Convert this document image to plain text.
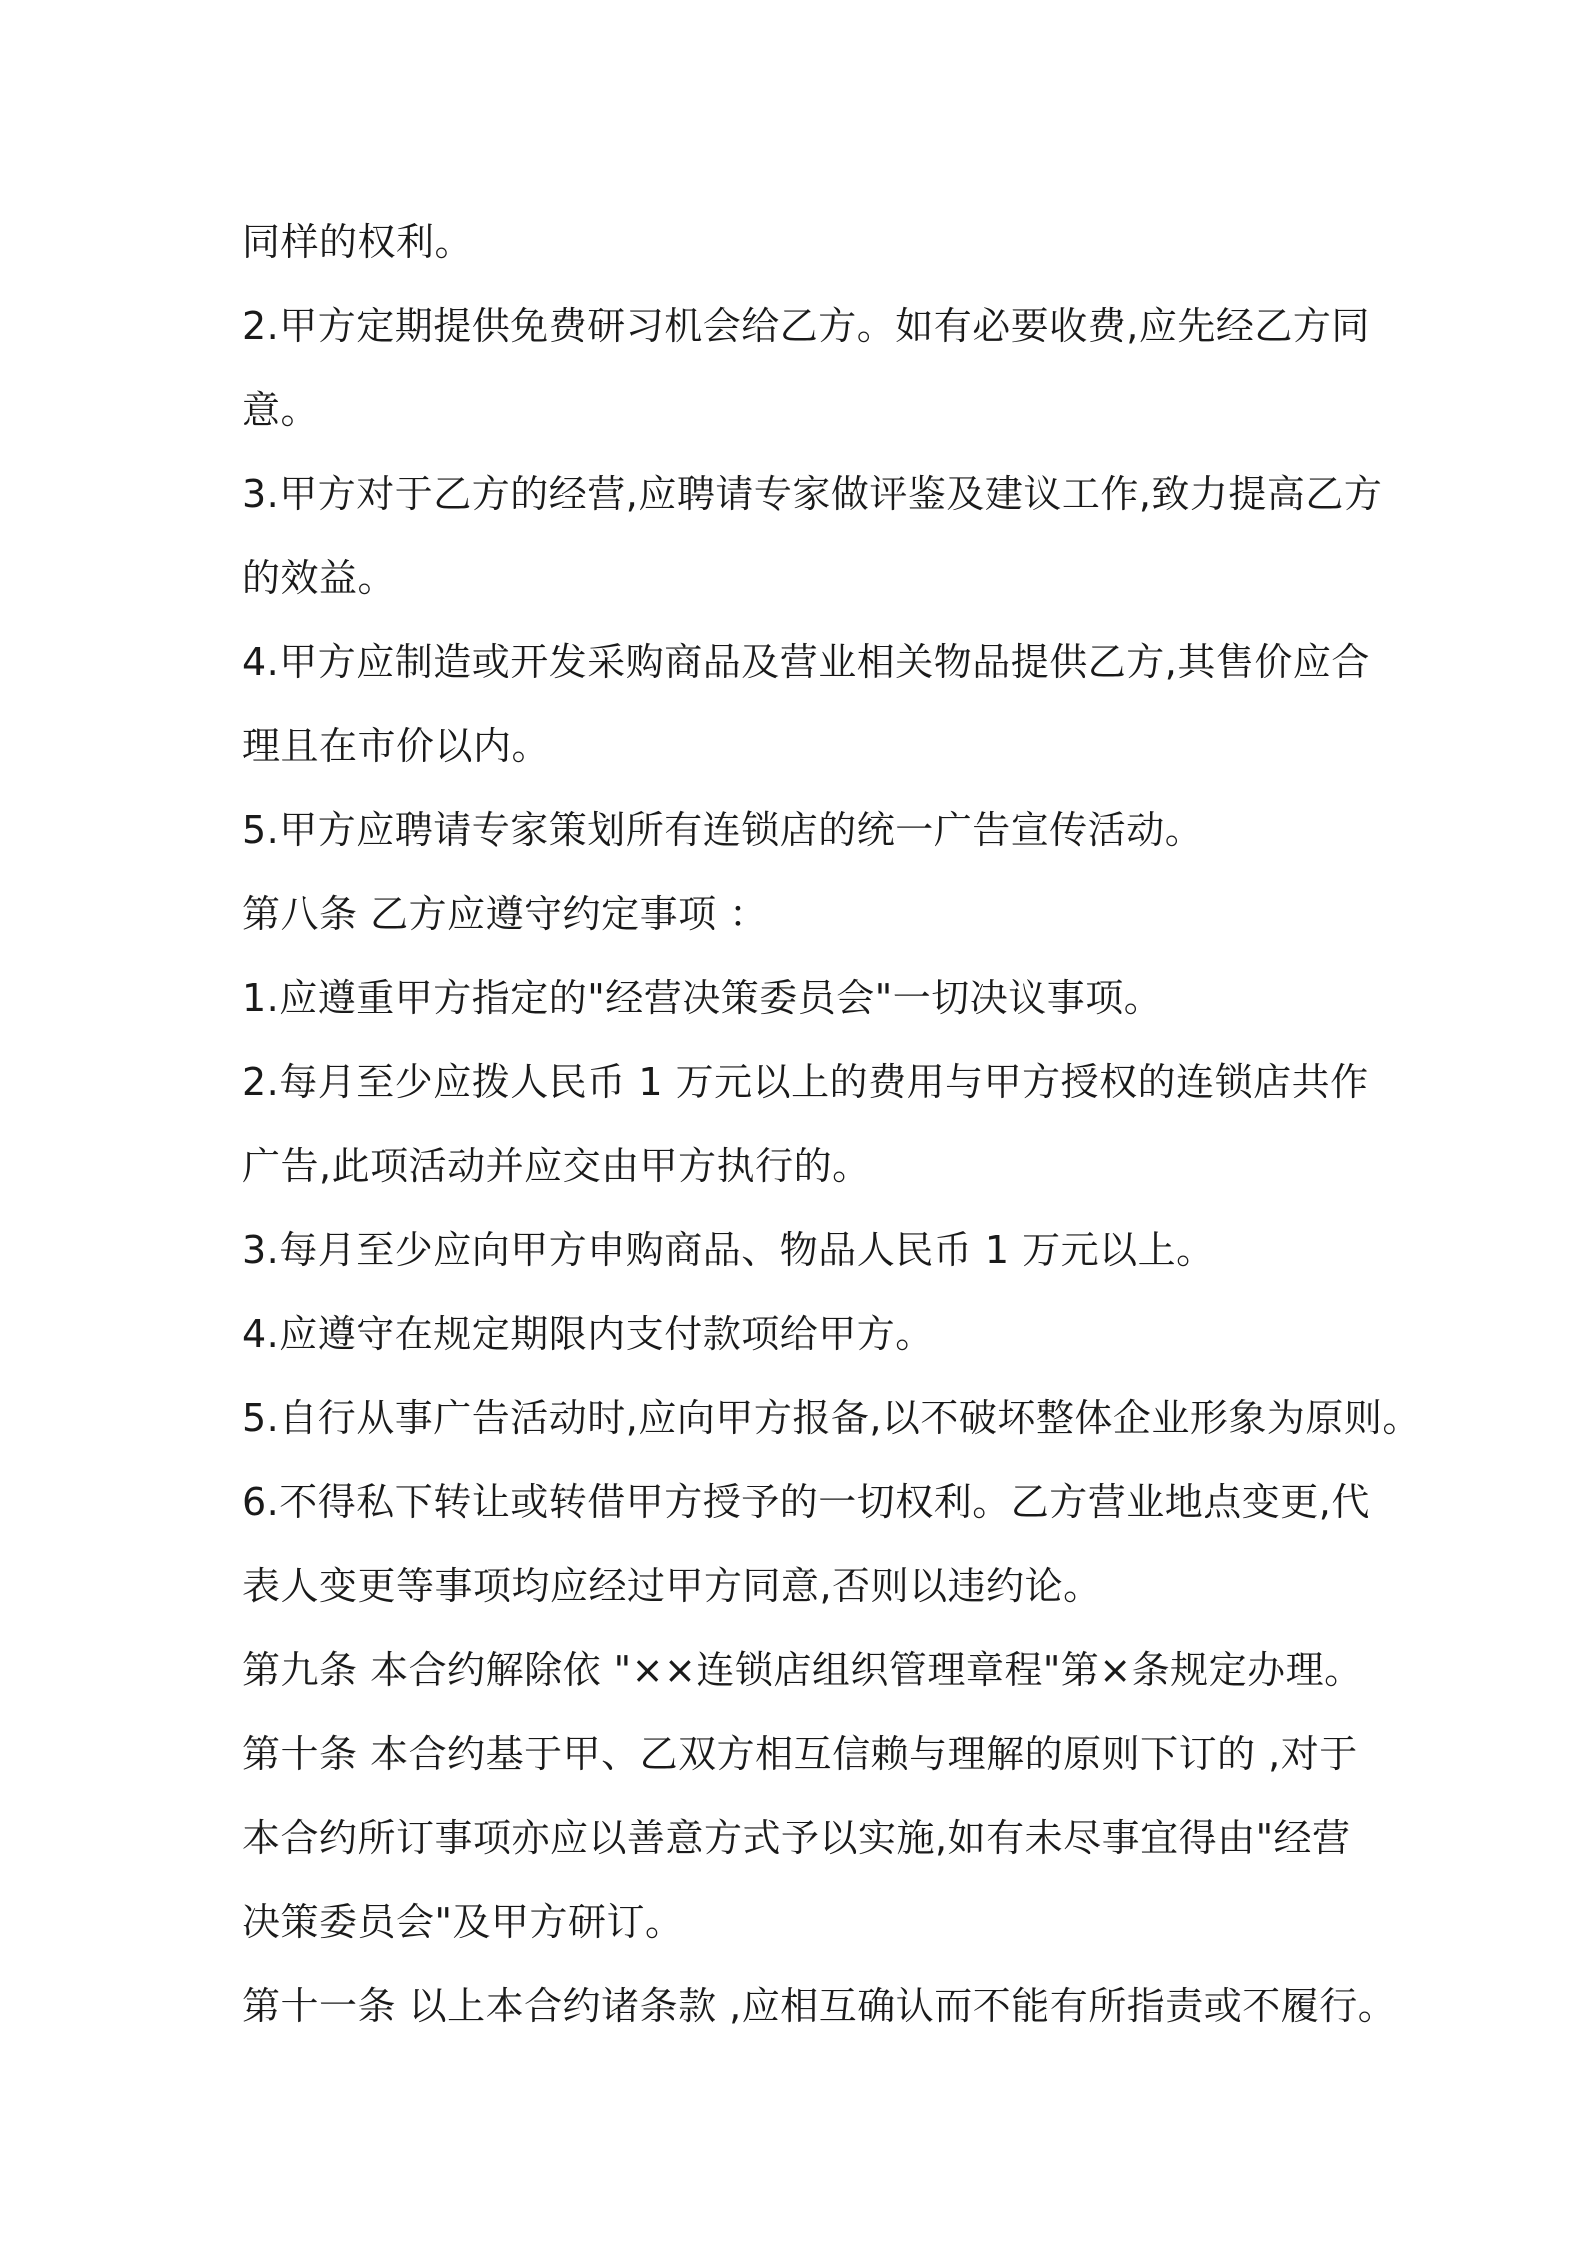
同样的权利。
2.甲方定期提供免费研习机会给乙方。如有必要收费,应先经乙方同
意。
3.甲方对于乙方的经营,应聘请专家做评鉴及建议工作,致力提高乙方
的效益。
4.甲方应制造或开发采购商品及营业相关物品提供乙方,其售价应合
理且在市价以内。
5.甲方应聘请专家策划所有连锁店的统一广告宣传活动。
第八条 乙方应遵守约定事项 ：
1.应遵重甲方指定的"经营决策委员会"一切决议事项。
2.每月至少应拨人民币 1 万元以上的费用与甲方授权的连锁店共作
广告,此项活动并应交由甲方执行的。
3.每月至少应向甲方申购商品、物品人民币 1 万元以上。
4.应遵守在规定期限内支付款项给甲方。
5.自行从事广告活动时,应向甲方报备,以不破坏整体企业形象为原则。
6.不得私下转让或转借甲方授予的一切权利。乙方营业地点变更,代
表人变更等事项均应经过甲方同意,否则以违约论。
第九条 本合约解除依 "××连锁店组织管理章程"第×条规定办理。
第十条 本合约基于甲、乙双方相互信赖与理解的原则下订的 ,对于
本合约所订事项亦应以善意方式予以实施,如有未尽事宜得由"经营
决策委员会"及甲方研订。
第十一条 以上本合约诸条款 ,应相互确认而不能有所指责或不履行。
